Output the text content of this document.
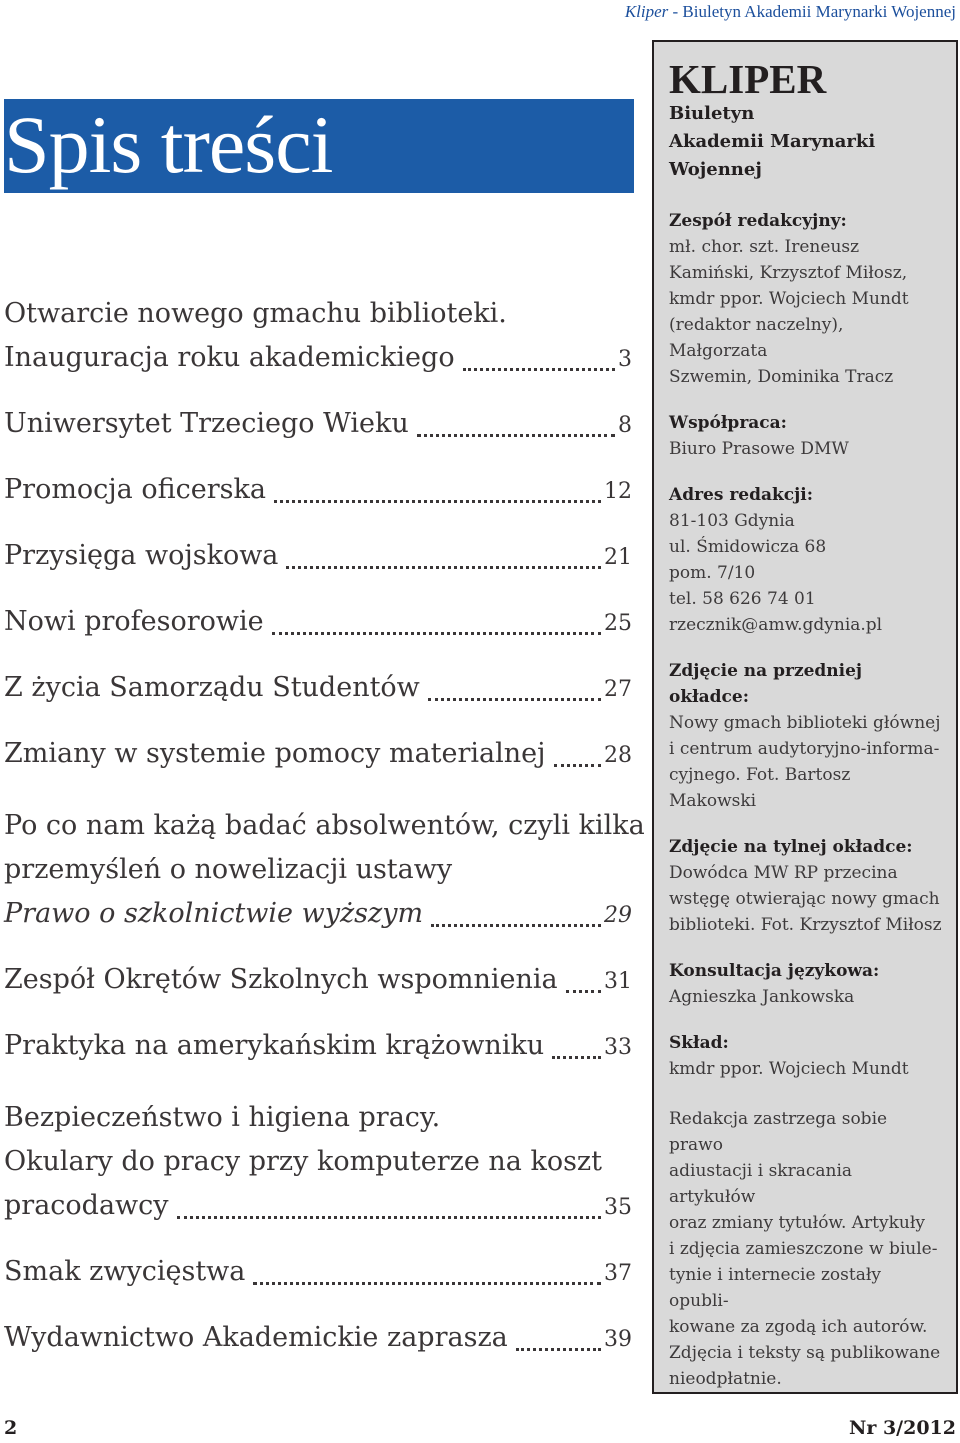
Kliper - Biuletyn Akademii Marynarki Wojennej
Spis treści
Otwarcie nowego gmachu biblioteki.
Inauguracja roku akademickiego	3
Uniwersytet Trzeciego Wieku	8
Promocja oficerska	12
Przysięga wojskowa	21
Nowi profesorowie	25
Z życia Samorządu Studentów	27
Zmiany w systemie pomocy materialnej	28
Po co nam każą badać absolwentów, czyli kilka
przemyśleń o nowelizacji ustawy
Prawo o szkolnictwie wyższym	29
Zespół Okrętów Szkolnych wspomnienia 31
Praktyka na amerykańskim krążowniku	33
Bezpieczeństwo i higiena pracy.
Okulary do pracy przy komputerze na koszt
pracodawcy	35
Smak zwycięstwa	37
Wydawnictwo Akademickie zaprasza	39
KLIPER
Biuletyn
Akademii Marynarki
Wojennej
Zespół redakcyjny:
mł. chor. szt. Ireneusz
Kamiński, Krzysztof Miłosz,
kmdr ppor. Wojciech Mundt
(redaktor naczelny), Małgorzata
Szwemin, Dominika Tracz
Współpraca:
Biuro Prasowe DMW
Adres redakcji:
81-103 Gdynia
ul. Śmidowicza 68
pom. 7/10
tel. 58 626 74 01
rzecznik@amw.gdynia.pl
Zdjęcie na przedniej okładce:
Nowy gmach biblioteki głównej
i centrum audytoryjno-informa-
cyjnego. Fot. Bartosz Makowski
Zdjęcie na tylnej okładce:
Dowódca MW RP przecina
wstęgę otwierając nowy gmach
biblioteki. Fot. Krzysztof Miłosz
Konsultacja językowa:
Agnieszka Jankowska
Skład:
kmdr ppor. Wojciech Mundt
Redakcja zastrzega sobie prawo
adiustacji i skracania artykułów
oraz zmiany tytułów. Artykuły
i zdjęcia zamieszczone w biule-
tynie i internecie zostały opubli-
kowane za zgodą ich autorów.
Zdjęcia i teksty są publikowane
nieodpłatnie.
2	Nr 3/2012
